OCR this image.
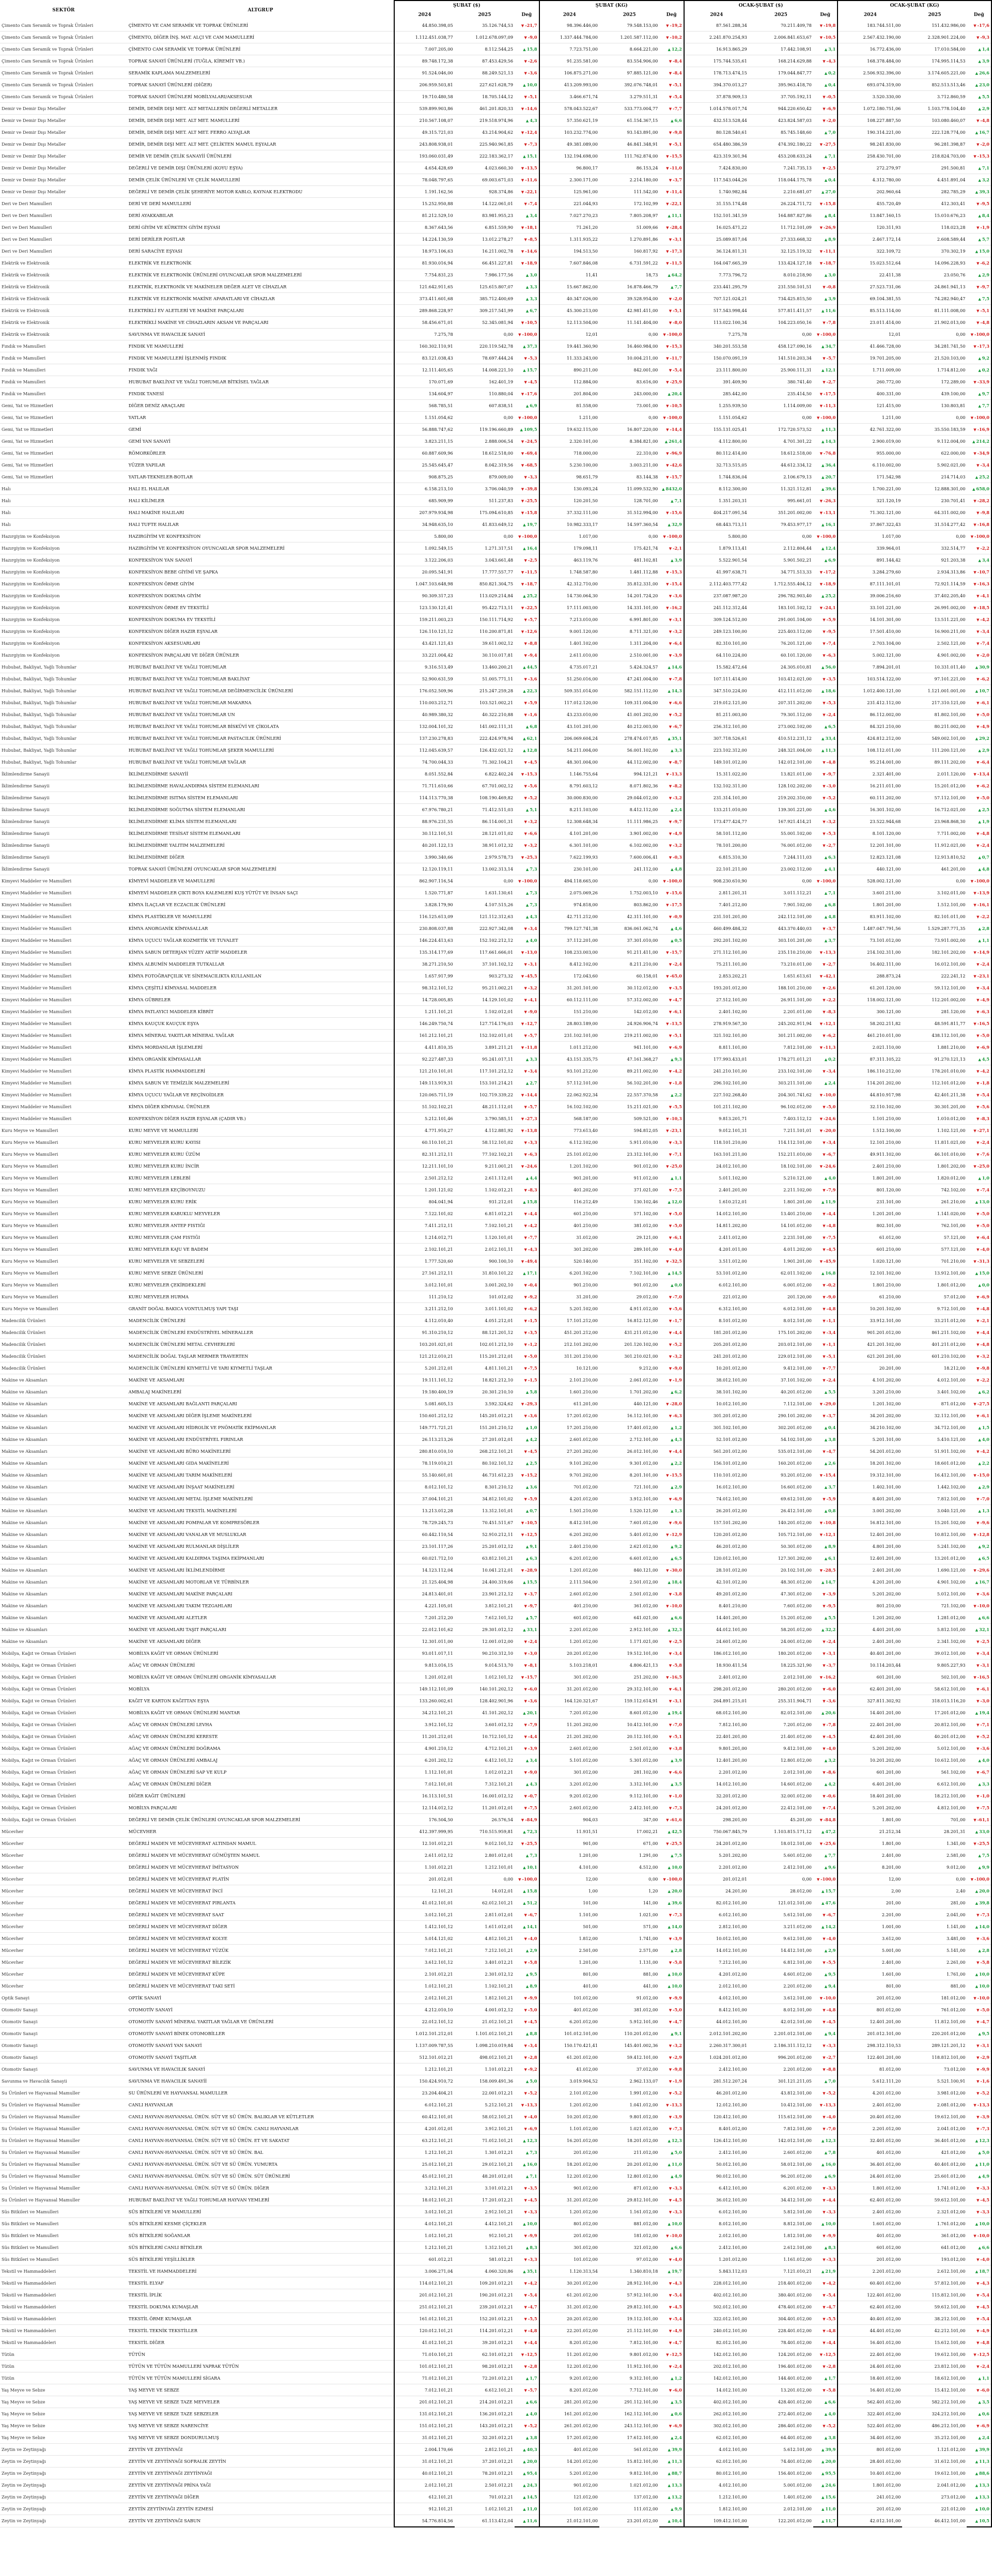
SEKTÖR	ALTGRUP	ŞUBAT ($)			ŞUBAT (KG)			OCAK-ŞUBAT ($)			OCAK-ŞUBAT (KG)		
		2024	2025	Değ	2024	2025	Değ	2024	2025	Değ	2024	2025	Değ
Çimento Cam Seramik ve Toprak Ürünleri	ÇİMENTO VE CAM SERAMİK VE TOPRAK ÜRÜNLERİ	44.850.398,05	35.126.744,53	▼ -21,7	98.396.446,00	79.548.153,00	▼ -19,2	87.561.288,34	70.211.409,78	▼ -19,8	183.744.511,00	151.432.986,00	▼ -17,6
Çimento Cam Seramik ve Toprak Ürünleri	ÇİMENTO, DİĞER İNŞ. MAT. ALÇI VE CAM MAMULLERİ	1.112.451.038,77	1.012.678.097,09	▼ -9,0	1.337.444.784,00	1.201.587.112,00	▼ -10,2	2.241.870.254,93	2.006.841.653,67	▼ -10,5	2.567.432.190,00	2.328.901.224,00	▼ -9,3
Çimento Cam Seramik ve Toprak Ürünleri	ÇİMENTO CAM SERAMİK VE TOPRAK ÜRÜNLERİ	7.007.205,00	8.112.544,25	▲ 15,8	7.723.751,00	8.664.221,00	▲ 12,2	16.913.865,29	17.442.108,91	▲ 3,1	16.772.436,00	17.010.584,00	▲ 1,4
Çimento Cam Seramik ve Toprak Ürünleri	TOPRAK SANAYİ ÜRÜNLERİ (TUĞLA, KİREMİT VB.)	89.748.172,38	87.453.429,56	▼ -2,6	91.235.581,00	83.554.906,00	▼ -8,4	175.744.535,61	168.214.629,88	▼ -4,3	168.378.484,00	174.995.114,53	▲ 3,9
Çimento Cam Seramik ve Toprak Ürünleri	SERAMİK KAPLAMA MALZEMELERİ	91.524.046,00	88.249.521,13	▼ -3,6	106.875.271,00	97.885.121,00	▼ -8,4	178.713.474,15	179.044.847,77	▲ 0,2	2.506.932.396,00	3.174.605.221,00	▲ 26,6
Çimento Cam Seramik ve Toprak Ürünleri	TOPRAK SANAYİ ÜRÜNLERİ (DİĞER)	206.959.503,81	227.621.628,79	▲ 10,0	413.209.993,00	392.076.748,01	▼ -5,1	394.370.013,27	395.963.418,70	▲ 0,4	693.074.319,00	852.513.513,46	▲ 23,0
Çimento Cam Seramik ve Toprak Ürünleri	TOPRAK SANAYİ ÜRÜNLERİ MOBİLYALARI/AKSESUAR	19.710.480,58	18.705.144,12	▼ -5,1	3.466.671,74	3.279.511,31	▼ -5,4	37.878.909,13	37.705.192,11	▼ -0,5	3.520.330,00	3.712.860,59	▲ 5,5
Demir ve Demir Dışı Metaller	DEMİR, DEMİR DIŞI MET. ALT METALLERİN DEĞERLİ METALLER	539.899.903,86	461.201.820,33	▼ -14,6	578.043.522,67	533.773.004,77	▼ -7,7	1.014.578.017,74	944.220.650,42	▼ -6,9	1.072.180.751,06	1.103.778.104,40	▲ 2,9
Demir ve Demir Dışı Metaller	DEMİR, DEMİR DIŞI MET. ALT MET. MAMULLERİ	210.567.108,07	219.518.974,96	▲ 4,3	57.350.621,19	61.154.367,15	▲ 6,6	432.513.528,44	423.824.587,03	▼ -2,0	108.227.887,50	103.080.460,07	▼ -4,8
Demir ve Demir Dışı Metaller	DEMİR, DEMİR DIŞI MET. ALT MET. FERRO ALYAJLAR	49.315.721,03	43.214.904,62	▼ -12,4	103.232.774,00	93.143.891,00	▼ -9,8	80.128.540,61	85.745.148,60	▲ 7,0	190.314.221,00	222.128.774,00	▲ 16,7
Demir ve Demir Dışı Metaller	DEMİR, DEMİR DIŞI MET. ALT MET. ÇELİKTEN MAMUL EŞYALAR	243.808.938,01	225.940.961,85	▼ -7,3	49.381.089,00	46.841.348,91	▼ -5,1	654.480.386,59	474.392.180,22	▼ -27,5	98.241.830,00	96.281.398,87	▼ -2,0
Demir ve Demir Dışı Metaller	DEMİR VE DEMİR ÇELİK SANAYİİ ÜRÜNLERİ	193.060.031,49	222.183.362,17	▲ 15,1	132.194.698,00	111.762.874,00	▼ -15,5	423.319.301,94	453.208.633,24	▲ 7,1	258.430.701,00	218.824.703,00	▼ -15,3
Demir ve Demir Dışı Metaller	DEĞERLİ VE DEMİR DIŞI ÜRÜNLERİ (KOYU EŞYA)	4.654.428,69	4.023.660,30	▼ -13,5	96.800,17	86.153,24	▼ -11,0	7.424.830,00	7.241.735,13	▼ -2,5	272.279,97	291.500,81	▲ 7,1
Demir ve Demir Dışı Metaller	DEMİR ÇELİK ÜRÜNLERİ VE ÇELİK MAMULLERİ	78.048.797,65	69.003.671,03	▼ -11,6	2.300.171,00	2.214.180,00	▼ -3,7	117.543.044,26	118.044.175,78	▲ 0,4	4.312.780,00	4.451.891,04	▲ 3,2
Demir ve Demir Dışı Metaller	DEĞERLİ VE DEMİR ÇELİK ŞEHERİYE MOTOR KABLO, KAYNAK ELEKTRODU	1.191.162,56	928.374,86	▼ -22,1	125.961,00	111.542,00	▼ -11,4	1.740.982,84	2.210.681,07	▲ 27,0	202.960,64	282.785,29	▲ 39,3
Deri ve Deri Mamulleri	DERİ VE DERİ MAMULLERİ	15.252.950,88	14.122.061,01	▼ -7,4	221.044,93	172.102,99	▼ -22,1	31.155.174,48	26.224.711,72	▼ -15,8	455.720,49	412.303,41	▼ -9,5
Deri ve Deri Mamulleri	DERİ AYAKKABILAR	81.212.529,10	83.981.955,23	▲ 3,4	7.027.270,23	7.805.208,97	▲ 11,1	152.101.341,59	164.887.827,86	▲ 8,4	13.847.160,15	15.010.676,23	▲ 8,4
Deri ve Deri Mamulleri	DERİ GİYİM VE KÜRKTEN GİYİM EŞYASI	8.367.643,56	6.851.559,90	▼ -18,1	71.261,20	51.009,66	▼ -28,4	16.025.471,22	11.712.101,09	▼ -26,9	120.311,93	118.023,28	▼ -1,9
Deri ve Deri Mamulleri	DERİ DERİLER POSTLAR	14.224.130,59	13.012.278,27	▼ -8,5	1.311.935,22	1.270.891,86	▼ -3,1	25.089.817,04	27.333.668,32	▲ 8,9	2.467.172,14	2.608.589,44	▲ 5,7
Deri ve Deri Mamulleri	DERİ SARACİYE EŞYASI	18.973.106,63	16.211.002,78	▼ -14,6	194.513,50	160.817,92	▼ -17,3	36.124.811,31	32.125.119,32	▼ -11,1	322.109,72	370.302,19	▲ 15,0
Elektrik ve Elektronik	ELEKTRİK VE ELEKTRONİK	81.930.016,94	66.451.227,81	▼ -18,9	7.607.846,08	6.731.591,22	▼ -11,5	164.047.665,39	133.424.127,18	▼ -18,7	15.023.512,64	14.096.228,93	▼ -6,2
Elektrik ve Elektronik	ELEKTRİK VE ELEKTRONİK ÜRÜNLERİ OYUNCAKLAR SPOR MALZEMELERİ	7.754.831,23	7.986.177,56	▲ 3,0	11,41	18,73	▲ 64,2	7.773.796,72	8.010.218,90	▲ 3,0	22.411,38	23.050,76	▲ 2,9
Elektrik ve Elektronik	ELEKTRİK, ELEKTRONİK VE MAKİNELER DEĞER ALET VE CİHAZLAR	121.642.911,65	125.615.807,07	▲ 3,3	15.667.862,00	16.878.466,79	▲ 7,7	233.441.295,79	231.550.101,51	▼ -0,8	27.523.731,06	24.861.941,13	▼ -9,7
Elektrik ve Elektronik	ELEKTRİK VE ELEKTRONİK MAKİNE APARATLARI VE CİHAZLAR	373.411.601,68	385.712.400,69	▲ 3,3	40.347.026,00	39.528.954,00	▼ -2,0	707.121.024,21	734.425.815,50	▲ 3,9	69.104.381,55	74.282.940,47	▲ 7,5
Elektrik ve Elektronik	ELEKTRİKLİ EV ALETLERİ VE MAKİNE PARÇALARI	289.868.228,97	309.217.541,99	▲ 6,7	45.300.213,00	42.981.411,00	▼ -5,1	517.543.998,44	577.811.411,57	▲ 11,6	85.513.114,00	81.111.008,00	▼ -5,1
Elektrik ve Elektronik	ELEKTRİKLİ MAKİNE VE CİHAZLARIN AKSAM VE PARÇALARI	58.456.671,01	52.345.081,94	▼ -10,5	12.113.504,00	11.141.404,00	▼ -8,0	113.022.100,34	104.223.050,16	▼ -7,8	23.011.414,00	21.902.013,00	▼ -4,8
Elektrik ve Elektronik	SAVUNMA VE HAVACILIK SANAYİ	7.275,78	0,00	▼ -100,0	12,01	0,00	▼ -100,0	7.275,78	0,00	▼ -100,0	12,01	0,00	▼ -100,0
Fındık ve Mamulleri	FINDIK VE MAMULLERİ	160.302.110,91	220.119.542,78	▲ 37,3	19.441.360,90	16.460.984,00	▼ -15,3	340.201.553,58	458.127.090,16	▲ 34,7	41.466.728,00	34.281.741,50	▼ -17,3
Fındık ve Mamulleri	FINDIK VE MAMULLERİ İŞLENMİŞ FINDIK	83.121.038,43	78.697.444,24	▼ -5,3	11.333.243,00	10.004.211,00	▼ -11,7	150.070.091,19	141.510.203,34	▼ -5,7	19.701.205,00	21.520.103,00	▲ 9,2
Fındık ve Mamulleri	FINDIK YAĞI	12.111.405,65	14.008.221,10	▲ 15,7	890.211,00	842.001,00	▼ -5,4	23.111.800,00	25.900.111,31	▲ 12,1	1.711.009,00	1.714.812,00	▲ 0,2
Fındık ve Mamulleri	HUBUBAT BAKLİYAT VE YAĞLI TOHUMLAR BİTKİSEL YAĞLAR	170.071,69	162.401,19	▼ -4,5	112.884,00	83.616,00	▼ -25,9	391.409,90	380.741,40	▼ -2,7	260.772,00	172.289,00	▼ -33,9
Fındık ve Mamulleri	FINDIK TANESİ	134.604,97	110.880,04	▼ -17,6	201.804,00	243.000,00	▲ 20,4	285.442,00	235.414,50	▼ -17,5	400.331,00	439.100,00	▲ 9,7
Gemi, Yat ve Hizmetleri	DİĞER DENİZ ARAÇLARI	568.785,51	607.838,51	▲ 6,9	81.558,00	73.001,00	▼ -10,5	1.255.939,50	1.114.009,00	▼ -11,3	121.415,00	130.803,81	▲ 7,7
Gemi, Yat ve Hizmetleri	YATLAR	1.151.054,62	0,00	▼ -100,0	1.211,00	0,00	▼ -100,0	1.151.054,62	0,00	▼ -100,0	1.211,00	0,00	▼ -100,0
Gemi, Yat ve Hizmetleri	GEMİ	56.888.747,62	119.196.660,89	▲ 109,5	19.632.115,00	16.807.220,00	▼ -14,4	155.131.025,41	172.720.573,52	▲ 11,3	42.761.322,00	35.550.183,59	▼ -16,9
Gemi, Yat ve Hizmetleri	GEMİ YAN SANAYİ	3.823.211,15	2.888.006,54	▼ -24,5	2.320.101,00	8.384.821,00	▲ 261,4	4.112.800,00	4.701.301,22	▲ 14,3	2.900.019,00	9.112.004,00	▲ 214,2
Gemi, Yat ve Hizmetleri	RÖMORKÖRLER	60.887.609,96	18.612.518,00	▼ -69,4	718.000,00	22.310,00	▼ -96,9	80.112.414,00	18.612.518,00	▼ -76,8	955.000,00	622.000,00	▼ -34,9
Gemi, Yat ve Hizmetleri	YÜZER YAPILAR	25.545.645,47	8.042.319,56	▼ -68,5	5.230.100,00	3.003.211,00	▼ -42,6	32.713.515,05	44.612.334,12	▲ 36,4	6.110.002,00	5.902.021,00	▼ -3,4
Gemi, Yat ve Hizmetleri	YATLAR-TEKNELER-BOTLAR	908.875,25	879.009,00	▼ -3,3	98.651,79	83.144,38	▼ -15,7	1.744.836,04	2.106.679,13	▲ 20,7	171.542,98	214.714,03	▲ 25,2
Halı	HALI EL HALILAR	6.158.213,10	3.706.040,59	▼ -39,8	130.093,24	11.099.532,90	▲ 8432,0	8.112.300,00	11.321.112,81	▲ 39,6	1.700.221,00	12.888.301,00	▲ 658,0
Halı	HALI KİLİMLER	685.909,99	511.237,83	▼ -25,5	120.201,50	128.701,00	▲ 7,1	1.351.203,31	995.661,01	▼ -26,3	321.120,19	230.701,41	▼ -28,2
Halı	HALI MAKİNE HALILARI	207.979.934,98	175.094.610,85	▼ -15,8	37.332.111,00	31.512.994,00	▼ -15,6	404.217.091,54	351.201.002,00	▼ -13,1	71.302.121,00	64.311.002,00	▼ -9,8
Halı	HALI TUFTE HALILAR	34.948.635,10	41.833.649,12	▲ 19,7	10.982.333,17	14.597.360,54	▲ 32,9	68.443.713,11	79.453.977,17	▲ 16,1	37.867.322,43	31.514.277,42	▼ -16,8
Hazırgiyim ve Konfeksiyon	HAZIRGİYİM VE KONFEKSİYON	5.800,00	0,00	▼ -100,0	1.017,00	0,00	▼ -100,0	5.800,00	0,00	▼ -100,0	1.017,00	0,00	▼ -100,0
Hazırgiyim ve Konfeksiyon	HAZIRGİYİM VE KONFEKSİYON OYUNCAKLAR SPOR MALZEMELERİ	1.092.549,15	1.271.317,51	▲ 16,4	179.098,11	175.421,74	▼ -2,1	1.879.113,41	2.112.804,44	▲ 12,4	339.964,01	332.514,77	▼ -2,2
Hazırgiyim ve Konfeksiyon	KONFEKSİYON YAN SANAYİ	3.122.206,03	3.043.661,48	▼ -2,5	463.119,76	481.102,81	▲ 3,9	5.522.901,54	5.901.502,21	▲ 6,9	891.144,42	921.203,38	▲ 3,4
Hazırgiyim ve Konfeksiyon	KONFEKSİYON BEBE GİYİMİ VE ŞAPKA	20.095.541,91	17.777.557,77	▼ -11,5	1.748.587,80	1.481.112,88	▼ -15,3	41.997.638,71	34.771.513,33	▼ -17,2	3.284.279,60	2.934.313,86	▼ -10,7
Hazırgiyim ve Konfeksiyon	KONFEKSİYON ÖRME GİYİM	1.047.103.648,98	850.821.304,75	▼ -18,7	42.312.710,00	35.812.331,00	▼ -15,4	2.112.403.777,42	1.712.555.404,12	▼ -18,9	87.111.101,01	72.921.114,59	▼ -16,3
Hazırgiyim ve Konfeksiyon	KONFEKSİYON DOKUMA GİYİM	90.309.317,23	113.029.214,84	▲ 25,2	14.730.064,30	14.201.724,20	▼ -3,6	237.087.987,20	296.782.903,40	▲ 25,2	39.006.216,60	37.402.205,40	▼ -4,1
Hazırgiyim ve Konfeksiyon	KONFEKSİYON ÖRME EV TEKSTİLİ	123.130.121,41	95.422.713,11	▼ -22,5	17.111.003,00	14.331.101,00	▼ -16,2	241.112.312,44	183.101.102,12	▼ -24,1	33.101.221,00	26.991.002,00	▼ -18,5
Hazırgiyim ve Konfeksiyon	KONFEKSİYON DOKUMA EV TEKSTİLİ	159.211.003,23	150.111.714,92	▼ -5,7	7.213.010,00	6.991.801,00	▼ -3,1	309.124.512,00	291.001.104,00	▼ -5,9	14.101.301,00	13.511.221,00	▼ -4,2
Hazırgiyim ve Konfeksiyon	KONFEKSİYON DİĞER HAZIR EŞYALAR	126.110.121,12	110.200.871,81	▼ -12,6	9.001.120,00	8.711.321,00	▼ -3,2	249.123.100,00	225.403.112,00	▼ -9,5	17.501.410,00	16.900.211,00	▼ -3,4
Hazırgiyim ve Konfeksiyon	KONFEKSİYON AKSESUARLARI	43.421.121,43	39.611.002,12	▼ -8,8	1.401.102,00	1.311.204,00	▼ -6,4	82.310.101,00	76.201.121,00	▼ -7,4	2.703.104,00	2.502.121,00	▼ -7,4
Hazırgiyim ve Konfeksiyon	KONFEKSİYON PARÇALARI VE DİĞER ÜRÜNLER	33.221.004,42	30.110.017,81	▼ -9,4	2.611.010,00	2.510.001,00	▼ -3,9	64.110.224,00	60.101.120,00	▼ -6,3	5.002.121,00	4.901.002,00	▼ -2,0
Hububat, Bakliyat, Yağlı Tohumlar	HUBUBAT BAKLİYAT VE YAĞLI TOHUMLAR	9.316.513,49	13.460.200,21	▲ 44,5	4.735.017,21	5.424.324,57	▲ 14,6	15.582.472,64	24.305.010,81	▲ 56,0	7.894.201,01	10.331.011,40	▲ 30,9
Hububat, Bakliyat, Yağlı Tohumlar	HUBUBAT BAKLİYAT VE YAĞLI TOHUMLAR BAKLİYAT	52.900.631,59	51.005.771,11	▼ -3,6	51.250.016,00	47.241.004,00	▼ -7,8	107.111.414,00	103.412.021,00	▼ -3,5	103.514.122,00	97.101.221,00	▼ -6,2
Hububat, Bakliyat, Yağlı Tohumlar	HUBUBAT BAKLİYAT VE YAĞLI TOHUMLAR DEĞİRMENCİLİK ÜRÜNLERİ	176.052.509,96	215.247.259,28	▲ 22,3	509.351.014,00	582.151.112,00	▲ 14,3	347.510.224,00	412.111.012,00	▲ 18,6	1.012.400.121,00	1.121.001.001,00	▲ 10,7
Hububat, Bakliyat, Yağlı Tohumlar	HUBUBAT BAKLİYAT VE YAĞLI TOHUMLAR MAKARNA	110.003.212,71	103.521.002,21	▼ -5,9	117.012.120,00	109.311.004,00	▼ -6,6	219.012.121,00	207.311.202,00	▼ -5,3	231.412.112,00	217.310.121,00	▼ -6,1
Hububat, Bakliyat, Yağlı Tohumlar	HUBUBAT BAKLİYAT VE YAĞLI TOHUMLAR UN	40.989.380,32	40.322.210,88	▼ -1,6	43.233.010,00	41.001.202,00	▼ -5,2	81.211.003,00	79.301.112,00	▼ -2,4	86.112.002,00	81.802.101,00	▼ -5,0
Hububat, Bakliyat, Yağlı Tohumlar	HUBUBAT BAKLİYAT VE YAĞLI TOHUMLAR BİSKÜVİ VE ÇİKOLATA	132.004.101,32	141.002.111,31	▲ 6,8	43.101.201,00	40.212.003,00	▼ -6,7	256.312.101,00	273.002.102,00	▲ 6,5	84.321.210,00	80.211.002,00	▼ -4,9
Hububat, Bakliyat, Yağlı Tohumlar	HUBUBAT BAKLİYAT VE YAĞLI TOHUMLAR PASTACILIK ÜRÜNLERİ	137.230.278,83	222.424.978,94	▲ 62,1	206.069.604,24	278.474.017,85	▲ 35,1	307.718.526,61	410.512.231,12	▲ 33,4	424.812.212,00	549.002.101,00	▲ 29,2
Hububat, Bakliyat, Yağlı Tohumlar	HUBUBAT BAKLİYAT VE YAĞLI TOHUMLAR ŞEKER MAMULLERİ	112.045.639,57	126.432.021,12	▲ 12,8	54.211.004,00	56.001.102,00	▲ 3,3	223.102.312,00	248.321.004,00	▲ 11,3	108.112.011,00	111.200.121,00	▲ 2,9
Hububat, Bakliyat, Yağlı Tohumlar	HUBUBAT BAKLİYAT VE YAĞLI TOHUMLAR YAĞLAR	74.700.044,33	71.302.104,21	▼ -4,5	48.301.004,00	44.112.002,00	▼ -8,7	149.101.012,00	142.012.101,00	▼ -4,8	95.214.001,00	89.111.202,00	▼ -6,4
İklimlendirme Sanayii	İKLİMLENDİRME SANAYİİ	8.051.552,84	6.822.402,24	▼ -15,3	1.146.755,64	994.121,21	▼ -13,3	15.311.022,00	13.821.011,00	▼ -9,7	2.321.401,00	2.011.120,00	▼ -13,4
İklimlendirme Sanayii	İKLİMLENDİRME HAVALANDIRMA SİSTEM ELEMANLARI	71.711.610,66	67.701.002,12	▼ -5,6	8.791.603,12	8.071.802,36	▼ -8,2	132.102.311,00	128.102.202,00	▼ -3,0	16.211.011,00	15.201.012,00	▼ -6,2
İklimlendirme Sanayii	İKLİMLENDİRME ISITMA SİSTEM ELEMANLARI	114.113.770,38	108.190.469,82	▼ -5,2	30.000.830,00	29.044.012,00	▼ -3,2	231.314.101,00	219.202.310,00	▼ -5,2	60.111.202,00	57.112.101,00	▼ -5,0
İklimlendirme Sanayii	İKLİMLENDİRME SOĞUTMA SİSTEM ELEMANLARI	67.976.780,21	71.412.511,03	▲ 5,1	8.211.103,00	8.412.112,00	▲ 2,4	133.211.010,00	139.301.221,00	▲ 4,6	16.301.102,00	16.712.021,00	▲ 2,5
İklimlendirme Sanayii	İKLİMLENDİRME KLİMA SİSTEM ELEMANLARI	88.976.231,55	86.114.001,31	▼ -3,2	12.308.648,34	11.111.986,25	▼ -9,7	173.477.424,77	167.921.414,21	▼ -3,2	23.522.944,68	23.968.868,30	▲ 1,9
İklimlendirme Sanayii	İKLİMLENDİRME TESİSAT SİSTEM ELEMANLARI	30.112.101,51	28.121.011,02	▼ -6,6	4.101.201,00	3.901.002,00	▼ -4,9	58.101.112,00	55.001.102,00	▼ -5,3	8.101.120,00	7.711.002,00	▼ -4,8
İklimlendirme Sanayii	İKLİMLENDİRME YALITIM MALZEMELERİ	40.201.122,13	38.911.012,32	▼ -3,2	6.301.101,00	6.102.002,00	▼ -3,2	78.101.200,00	76.001.012,00	▼ -2,7	12.201.101,00	11.912.021,00	▼ -2,4
İklimlendirme Sanayii	İKLİMLENDİRME DİĞER	3.990.340,66	2.979.578,73	▼ -25,3	7.622.199,93	7.600.006,41	▼ -0,3	6.815.310,30	7.244.111,03	▲ 6,3	12.823.121,08	12.913.810,52	▲ 0,7
İklimlendirme Sanayii	TOPRAK SANAYİ ÜRÜNLERİ OYUNCAKLAR SPOR MALZEMELERİ	12.120.119,11	13.002.313,14	▲ 7,3	230.101,00	241.112,00	▲ 4,8	22.101.211,00	23.002.112,00	▲ 4,1	440.121,00	461.201,00	▲ 4,8
Kimyevi Maddeler ve Mamulleri	KİMYEVİ MADDELER VE MAMULLERİ	862.907.116,54	0,00	▼ -100,0	494.118.665,00	0,00	▼ -100,0	908.230.610,90	0,00	▼ -100,0	528.002.121,00	0,00	▼ -100,0
Kimyevi Maddeler ve Mamulleri	KİMYEVİ MADDELER ÇIKTI BOYA KALEMLERİ KUŞ YÜTÜT VE İNSAN SAÇI	1.520.771,87	1.631.130,61	▲ 7,3	2.075.069,26	1.752.003,10	▼ -15,6	2.811.201,31	3.011.112,21	▲ 7,1	3.601.211,00	3.102.011,00	▼ -13,9
Kimyevi Maddeler ve Mamulleri	KİMYA İLAÇLAR VE ECZACILIK ÜRÜNLERİ	3.828.179,90	4.107.515,26	▲ 7,3	974.818,00	803.862,00	▼ -17,5	7.401.212,00	7.901.102,00	▲ 6,8	1.801.201,00	1.512.101,00	▼ -16,1
Kimyevi Maddeler ve Mamulleri	KİMYA PLASTİKLER VE MAMULLERİ	116.125.613,09	121.112.312,63	▲ 4,3	42.711.212,00	42.311.101,00	▼ -0,9	231.101.201,00	242.112.101,00	▲ 4,8	83.911.102,00	82.101.011,00	▼ -2,2
Kimyevi Maddeler ve Mamulleri	KİMYA ANORGANİK KİMYASALLAR	230.808.037,88	222.927.342,08	▼ -3,4	799.127.741,38	836.061.062,74	▲ 4,6	460.499.484,32	443.370.440,03	▼ -3,7	1.487.047.791,56	1.529.287.771,35	▲ 2,8
Kimyevi Maddeler ve Mamulleri	KİMYA UÇUCU YAĞLAR KOZMETİK VE TUVALET	146.224.413,63	152.102.212,12	▲ 4,0	37.112.201,00	37.301.010,00	▲ 0,5	292.201.102,00	303.101.201,00	▲ 3,7	73.101.012,00	73.911.002,00	▲ 1,1
Kimyevi Maddeler ve Mamulleri	KİMYA SABUN DETERJAN YÜZEY AKTİF MADDELER	135.314.177,69	117.661.666,01	▼ -13,0	108.233.003,00	91.211.411,00	▼ -15,7	271.112.101,00	235.110.210,00	▼ -13,3	214.102.311,00	182.101.202,00	▼ -14,9
Kimyevi Maddeler ve Mamulleri	KİMYA ALBUMİN MADDELER TUTKALLAR	38.271.210,50	37.101.102,12	▼ -3,1	8.412.102,00	8.211.210,00	▼ -2,4	75.211.101,00	73.210.011,00	▼ -2,7	16.402.111,00	16.012.101,00	▼ -2,4
Kimyevi Maddeler ve Mamulleri	KİMYA FOTOĞRAFÇILIK VE SİNEMACILIKTA KULLANILAN	1.657.917,99	903.273,32	▼ -45,5	172.043,60	60.158,01	▼ -65,0	2.853.202,21	1.651.613,61	▼ -42,1	288.873,24	222.241,12	▼ -23,1
Kimyevi Maddeler ve Mamulleri	KİMYA ÇEŞİTLİ KİMYASAL MADDELER	98.312.101,12	95.211.002,21	▼ -3,2	31.201.101,00	30.112.012,00	▼ -3,5	193.201.012,00	188.101.210,00	▼ -2,6	61.201.120,00	59.112.101,00	▼ -3,4
Kimyevi Maddeler ve Mamulleri	KİMYA GÜBRELER	14.728.005,85	14.129.101,02	▼ -4,1	60.112.111,00	57.312.002,00	▼ -4,7	27.512.101,00	26.911.101,00	▼ -2,2	118.002.121,00	112.201.002,00	▼ -4,9
Kimyevi Maddeler ve Mamulleri	KİMYA PATLAYICI MADDELER KİBRİT	1.211.101,21	1.102.012,01	▼ -9,0	151.210,00	142.012,00	▼ -6,1	2.401.102,00	2.201.011,00	▼ -8,3	300.121,00	281.120,00	▼ -6,3
Kimyevi Maddeler ve Mamulleri	KİMYA KAUÇUK KAUÇUK EŞYA	146.249.750,74	127.714.176,03	▼ -12,7	28.803.189,00	24.926.906,74	▼ -13,5	278.919.567,30	245.202.911,94	▼ -12,1	58.202.211,82	48.591.811,77	▼ -16,5
Kimyevi Maddeler ve Mamulleri	KİMYA MİNERAL YAKITLAR MİNERAL YAĞLAR	161.212.101,21	152.102.011,01	▼ -5,7	231.102.101,00	219.211.002,00	▼ -5,1	321.102.101,00	301.211.002,00	▼ -6,2	461.210.011,00	438.112.101,00	▼ -5,0
Kimyevi Maddeler ve Mamulleri	KİMYA MORDANLAR İŞLEMLERİ	4.411.810,35	3.891.211,21	▼ -11,8	1.011.212,00	941.101,00	▼ -6,9	8.811.101,00	7.812.101,00	▼ -11,3	2.021.110,00	1.881.210,00	▼ -6,9
Kimyevi Maddeler ve Mamulleri	KİMYA ORGANİK KİMYASALLAR	92.227.487,33	95.241.017,11	▲ 3,3	43.151.335,75	47.161.368,27	▲ 9,3	177.993.433,01	178.271.011,21	▲ 0,2	87.311.105,22	91.270.121,13	▲ 4,5
Kimyevi Maddeler ve Mamulleri	KİMYA PLASTİK HAMMADDELERİ	121.210.101,01	117.101.212,12	▼ -3,4	93.101.212,00	89.211.002,00	▼ -4,2	241.210.101,00	233.102.101,00	▼ -3,4	186.110.212,00	178.201.010,00	▼ -4,2
Kimyevi Maddeler ve Mamulleri	KİMYA SABUN VE TEMİZLİK MALZEMELERİ	149.113.919,31	153.101.214,21	▲ 2,7	57.112.101,00	56.102.201,00	▼ -1,8	296.102.101,00	303.211.101,00	▲ 2,4	114.201.202,00	112.101.012,00	▼ -1,8
Kimyevi Maddeler ve Mamulleri	KİMYA UÇUCU YAĞLAR VE REÇİNOİDLER	120.065.711,19	102.719.339,22	▼ -14,4	22.062.922,34	22.557.370,58	▲ 2,2	227.102.268,40	204.301.741,62	▼ -10,0	44.810.917,98	42.401.211,38	▼ -5,4
Kimyevi Maddeler ve Mamulleri	KİMYA DİĞER KİMYASAL ÜRÜNLER	51.102.102,21	48.211.112,01	▼ -5,7	16.102.102,00	15.211.021,00	▼ -5,5	101.211.102,00	96.102.012,00	▼ -5,0	32.110.102,00	30.301.201,00	▼ -5,6
Kimyevi Maddeler ve Mamulleri	KONFEKSİYON DİĞER HAZIR EŞYALAR (ÇADIR VB.)	5.212.101,46	3.790.585,11	▼ -27,3	568.187,00	509.521,00	▼ -10,3	9.813.201,71	7.403.112,12	▼ -24,6	1.101.210,00	1.010.012,00	▼ -8,3
Kuru Meyve ve Mamulleri	KURU MEYVE VE MAMULLERİ	4.771.910,27	4.112.881,92	▼ -13,8	773.613,40	594.812,05	▼ -23,1	9.012.101,31	7.211.101,01	▼ -20,0	1.512.100,00	1.102.121,00	▼ -27,1
Kuru Meyve ve Mamulleri	KURU MEYVELER KURU KAYISI	60.110.101,21	58.112.101,02	▼ -3,3	6.112.102,00	5.911.010,00	▼ -3,3	118.101.210,00	114.112.101,00	▼ -3,4	12.101.210,00	11.811.021,00	▼ -2,4
Kuru Meyve ve Mamulleri	KURU MEYVELER KURU ÜZÜM	82.311.212,11	77.102.102,21	▼ -6,3	25.101.012,00	23.312.101,00	▼ -7,1	163.101.211,00	152.211.010,00	▼ -6,7	49.911.102,00	46.101.010,00	▼ -7,6
Kuru Meyve ve Mamulleri	KURU MEYVELER KURU İNCİR	12.211.101,10	9.211.001,21	▼ -24,6	1.201.102,00	901.012,00	▼ -25,0	24.012.101,00	18.102.101,00	▼ -24,6	2.401.210,00	1.801.202,00	▼ -25,0
Kuru Meyve ve Mamulleri	KURU MEYVELER LEBLEBİ	2.501.212,12	2.611.112,01	▲ 4,4	901.201,00	911.012,00	▲ 1,1	5.011.102,00	5.210.121,00	▲ 4,0	1.801.201,00	1.820.012,00	▲ 1,0
Kuru Meyve ve Mamulleri	KURU MEYVELER KEÇİBOYNUZU	1.201.121,02	1.102.012,21	▼ -8,3	401.202,00	371.021,00	▼ -7,5	2.401.201,00	2.211.102,00	▼ -7,9	801.120,00	742.102,00	▼ -7,4
Kuru Meyve ve Mamulleri	KURU MEYVELER KURU ERİK	804.041,94	931.212,01	▲ 15,8	116.212,49	130.102,46	▲ 12,0	1.610.212,01	1.801.201,00	▲ 11,9	231.101,00	261.210,00	▲ 13,0
Kuru Meyve ve Mamulleri	KURU MEYVELER KABUKLU MEYVELER	7.122.101,02	6.811.012,21	▼ -4,4	601.210,00	571.102,00	▼ -5,0	14.012.101,00	13.401.210,00	▼ -4,4	1.201.201,00	1.141.020,00	▼ -5,0
Kuru Meyve ve Mamulleri	KURU MEYVELER ANTEP FISTIĞI	7.411.212,11	7.102.101,21	▼ -4,2	401.210,00	381.012,00	▼ -5,0	14.811.202,00	14.101.012,00	▼ -4,8	802.101,00	762.101,00	▼ -5,0
Kuru Meyve ve Mamulleri	KURU MEYVELER ÇAM FISTIĞI	1.214.012,71	1.120.101,01	▼ -7,7	31.012,00	29.121,00	▼ -6,1	2.411.012,00	2.231.101,00	▼ -7,5	61.012,00	57.121,00	▼ -6,4
Kuru Meyve ve Mamulleri	KURU MEYVELER KAJU VE BADEM	2.102.101,21	2.012.101,11	▼ -4,3	301.202,00	289.101,00	▼ -4,0	4.201.011,00	4.011.202,00	▼ -4,5	601.210,00	577.121,00	▼ -4,0
Kuru Meyve ve Mamulleri	KURU MEYVELER VE SEBZELERİ	1.777.520,60	900.100,10	▼ -49,4	520.140,00	351.102,00	▼ -32,5	3.511.012,00	1.901.201,00	▼ -45,9	1.020.121,00	701.210,00	▼ -31,3
Kuru Meyve ve Mamulleri	KURU MEYVE SEBZE ÜRÜNLERİ	27.161.212,11	31.810.101,22	▲ 17,1	6.201.102,00	7.102.101,00	▲ 14,5	53.101.012,00	62.011.102,00	▲ 16,8	12.101.102,00	13.912.101,00	▲ 15,0
Kuru Meyve ve Mamulleri	KURU MEYVELER ÇEKİRDEKLERİ	3.012.101,01	3.001.202,10	▼ -0,4	901.210,00	901.012,00	▲ 0,0	6.012.101,00	6.001.012,00	▼ -0,2	1.801.210,00	1.801.012,00	▲ 0,0
Kuru Meyve ve Mamulleri	KURU MEYVELER HURMA	111.210,12	101.012,02	▼ -9,2	31.201,00	29.012,00	▼ -7,0	221.012,00	201.120,00	▼ -9,0	61.210,00	57.012,00	▼ -6,9
Kuru Meyve ve Mamulleri	GRANİT DOĞAL BAKICA VONTULMUŞ YAPI TAŞI	3.211.212,10	3.011.101,02	▼ -6,2	5.201.102,00	4.911.012,00	▼ -5,6	6.312.101,00	6.012.101,00	▼ -4,8	10.201.102,00	9.712.101,00	▼ -4,8
Madencilik Ürünleri	MADENCİLİK ÜRÜNLERİ	4.112.010,40	4.051.212,01	▼ -1,5	17.101.212,00	16.812.121,00	▼ -1,7	8.101.012,00	8.012.101,00	▼ -1,1	33.912.101,00	33.211.012,00	▼ -2,1
Madencilik Ürünleri	MADENCİLİK ÜRÜNLERİ ENDÜSTRİYEL MİNERALLER	91.310.210,12	88.121.201,12	▼ -3,5	451.201.212,00	431.211.012,00	▼ -4,4	181.201.012,00	175.101.202,00	▼ -3,4	901.201.012,00	861.211.102,00	▼ -4,4
Madencilik Ürünleri	MADENCİLİK ÜRÜNLERİ METAL CEVHERLERİ	103.201.021,01	102.011.212,10	▼ -1,2	212.101.202,00	201.120.102,00	▼ -5,2	205.201.012,00	203.012.101,00	▼ -1,1	421.201.102,00	401.211.012,00	▼ -4,8
Madencilik Ürünleri	MADENCİLİK DOĞAL TAŞLAR MERMER TRAVERTEN	121.212.010,21	115.201.212,01	▼ -5,0	311.201.210,00	301.210.021,00	▼ -3,2	241.201.012,00	229.012.101,00	▼ -5,1	621.201.201,00	601.210.102,00	▼ -3,2
Madencilik Ürünleri	MADENCİLİK ÜRÜNLERİ KIYMETLİ VE YARI KIYMETLİ TAŞLAR	5.201.212,01	4.811.101,21	▼ -7,5	10.121,00	9.212,00	▼ -9,0	10.201.012,00	9.412.101,00	▼ -7,7	20.201,00	18.212,00	▼ -9,8
Makine ve Aksamları	MAKİNE VE AKSAMLARI	19.111.101,12	18.821.212,10	▼ -1,5	2.101.210,00	2.061.012,00	▼ -1,9	38.012.101,00	37.101.102,00	▼ -2,4	4.101.202,00	4.012.101,00	▼ -2,2
Makine ve Aksamları	AMBALAJ MAKİNELERİ	19.180.400,19	20.301.210,10	▲ 5,8	1.601.210,00	1.701.202,00	▲ 6,2	38.101.102,00	40.201.012,00	▲ 5,5	3.201.210,00	3.401.102,00	▲ 6,2
Makine ve Aksamları	MAKİNE VE AKSAMLARI BAĞLANTI PARÇALARI	5.081.605,13	3.592.324,62	▼ -29,3	611.201,00	440.121,00	▼ -28,0	10.012.101,00	7.112.101,00	▼ -29,0	1.201.102,00	871.012,00	▼ -27,5
Makine ve Aksamları	MAKİNE VE AKSAMLARI DİĞER İŞLEME MAKİNELERİ	150.601.212,12	145.201.012,21	▼ -3,6	17.201.012,00	16.112.101,00	▼ -6,3	301.201.012,00	290.101.202,00	▼ -3,7	34.201.202,00	32.112.101,00	▼ -6,1
Makine ve Aksamları	MAKİNE VE AKSAMLARI HİDROLİK VE PNÖMATİK EKİPMANLAR	149.771.721,21	151.201.210,12	▲ 1,0	17.201.210,00	17.401.012,00	▲ 1,2	301.102.101,00	302.201.012,00	▲ 0,4	34.210.102,00	34.712.101,00	▲ 1,5
Makine ve Aksamları	MAKİNE VE AKSAMLARI ENDÜSTRİYEL FIRINLAR	26.113.213,26	27.201.012,01	▲ 4,2	2.601.012,00	2.712.101,00	▲ 4,3	52.101.012,00	54.102.101,00	▲ 3,8	5.201.101,00	5.410.121,00	▲ 4,0
Makine ve Aksamları	MAKİNE VE AKSAMLARI BÜRO MAKİNELERİ	280.810.010,10	268.212.101,21	▼ -4,5	27.201.202,00	26.012.101,00	▼ -4,4	561.201.012,00	535.012.101,00	▼ -4,7	54.201.012,00	51.911.102,00	▼ -4,2
Makine ve Aksamları	MAKİNE VE AKSAMLARI GIDA MAKİNELERİ	78.119.010,21	80.102.101,12	▲ 2,5	9.101.202,00	9.301.012,00	▲ 2,2	156.101.012,00	160.201.012,00	▲ 2,6	18.201.102,00	18.601.012,00	▲ 2,2
Makine ve Aksamları	MAKİNE VE AKSAMLARI TARIM MAKİNELERİ	55.140.601,01	46.731.612,23	▼ -15,2	9.701.202,00	8.201.101,00	▼ -15,5	110.101.012,00	93.201.012,00	▼ -15,4	19.312.101,00	16.412.101,00	▼ -15,0
Makine ve Aksamları	MAKİNE VE AKSAMLARI İNŞAAT MAKİNELERİ	8.012.101,12	8.301.210,12	▲ 3,6	701.012,00	721.101,00	▲ 2,9	16.012.101,00	16.601.012,00	▲ 3,7	1.402.101,00	1.442.102,00	▲ 2,9
Makine ve Aksamları	MAKİNE VE AKSAMLARI METAL İŞLEME MAKİNELERİ	37.004.101,21	34.812.101,02	▼ -5,9	4.201.012,00	3.912.101,00	▼ -6,9	74.012.101,00	69.612.101,00	▼ -5,9	8.401.201,00	7.812.101,00	▼ -7,0
Makine ve Aksamları	MAKİNE VE AKSAMLARI TEKSTİL MAKİNELERİ	13.213.012,28	13.312.101,01	▲ 0,7	1.501.210,00	1.520.121,00	▲ 1,3	26.201.012,00	26.412.101,00	▲ 0,8	3.001.202,00	3.040.121,00	▲ 1,3
Makine ve Aksamları	MAKİNE VE AKSAMLARI POMPALAR VE KOMPRESÖRLER	78.729.245,73	70.451.511,67	▼ -10,5	8.412.101,00	7.601.012,00	▼ -9,6	157.101.202,00	140.201.012,00	▼ -10,8	16.812.101,00	15.201.102,00	▼ -9,6
Makine ve Aksamları	MAKİNE VE AKSAMLARI VANALAR VE MUSLUKLAR	60.442.110,54	52.910.212,11	▼ -12,5	6.201.202,00	5.401.012,00	▼ -12,9	120.201.012,00	105.712.101,00	▼ -12,1	12.401.201,00	10.812.101,00	▼ -12,8
Makine ve Aksamları	MAKİNE VE AKSAMLARI RULMANLAR DİŞLİLER	23.101.117,26	25.201.012,12	▲ 9,1	2.401.210,00	2.621.012,00	▲ 9,2	46.201.012,00	50.301.012,00	▲ 8,9	4.801.201,00	5.241.102,00	▲ 9,2
Makine ve Aksamları	MAKİNE VE AKSAMLARI KALDIRMA TAŞIMA EKİPMANLARI	60.021.712,10	63.812.101,21	▲ 6,3	6.201.012,00	6.601.012,00	▲ 6,5	120.012.101,00	127.301.202,00	▲ 6,1	12.401.201,00	13.201.012,00	▲ 6,5
Makine ve Aksamları	MAKİNE VE AKSAMLARI İKLİMLENDİRME	14.123.112,04	10.041.212,01	▼ -28,9	1.201.012,00	840.121,00	▼ -30,0	28.101.012,00	20.102.101,00	▼ -28,5	2.401.201,00	1.690.121,00	▼ -29,6
Makine ve Aksamları	MAKİNE VE AKSAMLARI MOTORLAR VE TÜRBİNLER	21.125.404,98	24.400.319,66	▲ 15,5	2.111.504,00	2.501.012,00	▲ 18,4	42.101.012,00	48.301.012,00	▲ 14,7	4.201.201,00	4.901.102,00	▲ 16,7
Makine ve Aksamları	MAKİNE VE AKSAMLARI MAKİNE PARÇALARI	24.813.401,01	23.901.212,12	▼ -3,7	2.601.012,00	2.501.012,00	▼ -3,8	49.201.012,00	47.301.012,00	▼ -3,9	5.201.202,00	5.012.101,00	▼ -3,6
Makine ve Aksamları	MAKİNE VE AKSAMLARI TAKIM TEZGAHLARI	4.221.105,01	3.812.101,21	▼ -9,7	401.210,00	361.012,00	▼ -10,0	8.401.210,00	7.601.012,00	▼ -9,5	801.210,00	721.102,00	▼ -10,0
Makine ve Aksamları	MAKİNE VE AKSAMLARI ALETLER	7.201.212,20	7.612.101,12	▲ 5,7	601.012,00	641.021,00	▲ 6,6	14.401.201,00	15.201.012,00	▲ 5,5	1.201.202,00	1.281.012,00	▲ 6,6
Makine ve Aksamları	MAKİNE VE AKSAMLARI TAŞIT PARÇALARI	22.012.101,62	29.301.012,12	▲ 33,1	2.201.012,00	2.912.101,00	▲ 32,3	44.012.101,00	58.201.012,00	▲ 32,2	4.401.201,00	5.812.101,00	▲ 32,1
Makine ve Aksamları	MAKİNE VE AKSAMLARI DİĞER	12.301.011,00	12.001.012,00	▼ -2,4	1.201.012,00	1.171.021,00	▼ -2,5	24.601.012,00	24.001.012,00	▼ -2,4	2.401.201,00	2.341.102,00	▼ -2,5
Mobilya, Kağıt ve Orman Ürünleri	MOBİLYA KAĞIT VE ORMAN ÜRÜNLERİ	93.011.017,11	90.210.312,10	▼ -3,0	20.201.012,00	19.512.101,00	▼ -3,4	186.012.101,00	180.201.012,00	▼ -3,1	40.401.201,00	39.012.101,00	▼ -3,4
Mobilya, Kağıt ve Orman Ürünleri	AĞAÇ VE ORMAN ÜRÜNLERİ	9.813.016,15	9.014.513,70	▼ -8,1	5.103.218,01	4.806.421,13	▼ -5,8	18.930.411,54	18.225.321,90	▼ -3,7	10.114.203,44	9.805.227,93	▼ -3,1
Mobilya, Kağıt ve Orman Ürünleri	MOBİLYA KAĞIT VE ORMAN ÜRÜNLERİ ORGANİK KİMYASALLAR	1.201.012,01	1.012.101,12	▼ -15,7	301.012,00	251.202,00	▼ -16,5	2.401.012,00	2.012.101,00	▼ -16,2	601.201,00	502.101,00	▼ -16,5
Mobilya, Kağıt ve Orman Ürünleri	MOBİLYA	149.112.101,09	140.101.202,12	▼ -6,0	31.201.012,00	29.312.101,00	▼ -6,1	298.201.012,00	280.201.012,00	▼ -6,0	62.401.201,00	58.612.101,00	▼ -6,1
Mobilya, Kağıt ve Orman Ürünleri	KAĞIT VE KARTON KAĞITTAN EŞYA	133.260.002,61	128.402.901,96	▼ -3,6	164.120.321,67	159.112.614,91	▼ -3,1	264.891.215,01	255.311.904,71	▼ -3,6	327.811.302,92	318.013.116,20	▼ -3,0
Mobilya, Kağıt ve Orman Ürünleri	MOBİLYA KAĞIT VE ORMAN ÜRÜNLERİ MANTAR	34.212.101,21	41.101.202,12	▲ 20,1	7.201.012,00	8.601.012,00	▲ 19,4	68.012.101,00	82.012.101,00	▲ 20,6	14.401.201,00	17.201.012,00	▲ 19,4
Mobilya, Kağıt ve Orman Ürünleri	AĞAÇ VE ORMAN ÜRÜNLERİ LEVHA	3.912.101,12	3.601.012,12	▼ -7,9	11.201.202,00	10.412.101,00	▼ -7,0	7.812.101,00	7.201.012,00	▼ -7,8	22.401.201,00	20.812.101,00	▼ -7,1
Mobilya, Kağıt ve Orman Ürünleri	AĞAÇ VE ORMAN ÜRÜNLERİ KERESTE	11.201.212,01	10.712.101,12	▼ -4,4	21.201.202,00	20.112.101,00	▼ -5,1	22.401.201,00	21.401.012,00	▼ -4,5	42.401.201,00	40.201.012,00	▼ -5,2
Mobilya, Kağıt ve Orman Ürünleri	AĞAÇ VE ORMAN ÜRÜNLERİ DOĞRAMA	4.901.210,12	4.712.101,21	▼ -3,9	2.601.012,00	2.501.012,00	▼ -3,8	9.801.201,00	9.412.101,00	▼ -4,0	5.201.202,00	5.012.101,00	▼ -3,6
Mobilya, Kağıt ve Orman Ürünleri	AĞAÇ VE ORMAN ÜRÜNLERİ AMBALAJ	6.201.202,12	6.412.101,12	▲ 3,4	5.101.012,00	5.301.012,00	▲ 3,9	12.401.201,00	12.801.012,00	▲ 3,2	10.201.202,00	10.612.101,00	▲ 4,0
Mobilya, Kağıt ve Orman Ürünleri	AĞAÇ VE ORMAN ÜRÜNLERİ SAP VE KULP	1.112.101,01	1.012.012,21	▼ -9,0	301.012,00	281.102,00	▼ -6,6	2.201.012,00	2.012.101,00	▼ -8,6	601.201,00	561.102,00	▼ -6,7
Mobilya, Kağıt ve Orman Ürünleri	AĞAÇ VE ORMAN ÜRÜNLERİ DİĞER	7.012.101,01	7.312.101,21	▲ 4,3	3.201.012,00	3.312.101,00	▲ 3,5	14.012.101,00	14.601.012,00	▲ 4,2	6.401.201,00	6.612.101,00	▲ 3,3
Mobilya, Kağıt ve Orman Ürünleri	DİĞER KAĞIT ÜRÜNLERİ	16.113.101,51	16.001.012,12	▼ -0,7	9.201.012,00	9.112.101,00	▼ -1,0	32.201.012,00	32.001.012,00	▼ -0,6	18.401.201,00	18.212.101,00	▼ -1,0
Mobilya, Kağıt ve Orman Ürünleri	MOBİLYA PARÇALARI	12.114.012,12	11.201.012,01	▼ -7,5	2.601.012,00	2.412.101,00	▼ -7,3	24.201.012,00	22.412.101,00	▼ -7,4	5.201.202,00	4.812.101,00	▼ -7,5
Mobilya, Kağıt ve Orman Ürünleri	DEĞERLİ VE DEMİR ÇELİK ÜRÜNLERİ OYUNCAKLAR SPOR MALZEMELERİ	176.504,50	26.576,54	▼ -84,9	904,03	347,00	▼ -61,6	298.201,00	45.201,00	▼ -84,8	1.801,00	701,00	▼ -61,1
Mücevher	MÜCEVHER	412.397.999,95	710.515.959,81	▲ 72,3	11.931,51	17.002,21	▲ 42,5	750.067.845,79	1.103.815.171,12	▲ 47,2	21.212,34	28.201,31	▲ 33,0
Mücevher	DEĞERLİ MADEN VE MÜCEVHERAT ALTINDAN MAMUL	12.101.012,21	9.012.101,12	▼ -25,5	901,00	671,00	▼ -25,5	24.201.012,00	18.012.101,00	▼ -25,6	1.801,00	1.341,00	▼ -25,5
Mücevher	DEĞERLİ MADEN VE MÜCEVHERAT GÜMÜŞTEN MAMUL	2.611.012,12	2.801.012,01	▲ 7,3	1.201,00	1.291,00	▲ 7,5	5.201.202,00	5.601.012,00	▲ 7,7	2.401,00	2.581,00	▲ 7,5
Mücevher	DEĞERLİ MADEN VE MÜCEVHERAT İMİTASYON	1.101.012,21	1.212.101,01	▲ 10,1	4.101,00	4.512,00	▲ 10,0	2.201.012,00	2.412.101,00	▲ 9,6	8.201,00	9.012,00	▲ 9,9
Mücevher	DEĞERLİ MADEN VE MÜCEVHERAT PLATİN	201.012,01	0,00	▼ -100,0	12,00	0,00	▼ -100,0	201.012,01	0,00	▼ -100,0	12,00	0,00	▼ -100,0
Mücevher	DEĞERLİ MADEN VE MÜCEVHERAT İNCİ	12.101,21	14.012,01	▲ 15,8	1,00	1,20	▲ 20,0	24.201,00	28.012,00	▲ 15,7	2,00	2,40	▲ 20,0
Mücevher	DEĞERLİ MADEN VE MÜCEVHERAT PIRLANTA	41.012.101,01	62.012.101,21	▲ 51,2	101,00	141,00	▲ 39,6	82.012.101,00	121.012.101,00	▲ 47,6	201,00	281,00	▲ 39,8
Mücevher	DEĞERLİ MADEN VE MÜCEVHERAT SAAT	3.012.101,21	2.811.012,01	▼ -6,7	1.101,00	1.021,00	▼ -7,3	6.012.101,00	5.612.101,00	▼ -6,7	2.201,00	2.041,00	▼ -7,3
Mücevher	DEĞERLİ MADEN VE MÜCEVHERAT DİĞER	1.412.101,12	1.611.012,01	▲ 14,1	501,00	571,00	▲ 14,0	2.812.101,00	3.211.012,00	▲ 14,2	1.001,00	1.141,00	▲ 14,0
Mücevher	DEĞERLİ MADEN VE MÜCEVHERAT KOLYE	5.014.121,02	4.812.101,21	▼ -4,0	1.812,00	1.741,00	▼ -3,9	10.012.101,00	9.612.101,00	▼ -4,0	3.612,00	3.481,00	▼ -3,6
Mücevher	DEĞERLİ MADEN VE MÜCEVHERAT YÜZÜK	7.012.101,21	7.212.101,21	▲ 2,9	2.501,00	2.571,00	▲ 2,8	14.012.101,00	14.412.101,00	▲ 2,9	5.001,00	5.141,00	▲ 2,8
Mücevher	DEĞERLİ MADEN VE MÜCEVHERAT BİLEZİK	3.612.101,12	3.401.012,21	▼ -5,8	1.201,00	1.131,00	▼ -5,8	7.212.101,00	6.812.101,00	▼ -5,5	2.401,00	2.261,00	▼ -5,8
Mücevher	DEĞERLİ MADEN VE MÜCEVHERAT KÜPE	2.101.012,21	2.301.012,12	▲ 9,5	801,00	881,00	▲ 10,0	4.201.012,00	4.601.012,00	▲ 9,5	1.601,00	1.761,00	▲ 10,0
Mücevher	DEĞERLİ MADEN VE MÜCEVHERAT TAKI SETİ	1.012.101,21	1.102.101,21	▲ 8,9	401,00	441,00	▲ 10,0	2.012.101,00	2.201.012,00	▲ 9,4	801,00	881,00	▲ 10,0
Optik Sanayi	OPTİK SANAYİ	2.012.101,21	1.812.101,21	▼ -9,9	101.012,00	91.012,00	▼ -9,9	4.012.101,00	3.612.101,00	▼ -10,0	201.012,00	181.012,00	▼ -10,0
Otomotiv Sanayi	OTOMOTİV SANAYİ	4.212.010,10	4.001.012,12	▼ -5,0	401.012,00	381.012,00	▼ -5,0	8.412.101,00	8.012.101,00	▼ -4,8	801.012,00	761.012,00	▼ -5,0
Otomotiv Sanayi	OTOMOTİV SANAYİ MİNERAL YAKITLAR YAĞLAR VE ÜRÜNLERİ	22.012.101,12	21.012.101,21	▼ -4,5	6.201.012,00	5.912.101,00	▼ -4,7	44.012.101,00	42.012.101,00	▼ -4,5	12.401.201,00	11.812.101,00	▼ -4,7
Otomotiv Sanayi	OTOMOTİV SANAYİ BİNEK OTOMOBİLLER	1.012.101.212,01	1.101.012.101,21	▲ 8,8	101.012.101,00	110.201.012,00	▲ 9,1	2.012.101.202,00	2.201.012.101,00	▲ 9,4	201.012.101,00	220.201.012,00	▲ 9,5
Otomotiv Sanayi	OTOMOTİV SANAYİ YAN SANAYİ	1.137.009.787,55	1.098.210.019,84	▼ -3,4	150.170.421,41	145.401.002,36	▼ -3,2	2.260.317.300,01	2.186.311.112,12	▼ -3,3	298.312.110,53	289.121.201,12	▼ -3,1
Otomotiv Sanayi	OTOMOTİV SANAYİ TAŞITLAR	512.101.012,21	498.012.101,21	▼ -2,8	61.201.012,00	59.412.101,00	▼ -2,9	1.024.201.012,00	996.201.012,00	▼ -2,7	122.401.201,00	118.812.101,00	▼ -2,9
Otomotiv Sanayi	SAVUNMA VE HAVACILIK SANAYİ	1.212.101,21	1.101.012,21	▼ -9,2	41.012,00	37.012,00	▼ -9,8	2.412.101,00	2.201.012,00	▼ -8,8	81.012,00	73.012,00	▼ -9,9
Savunma ve Havacılık Sanayii	SAVUNMA VE HAVACILIK SANAYİİ	150.424.910,72	158.009.491,36	▲ 5,0	3.019.904,52	2.962.133,07	▼ -1,9	281.512.207,24	301.121.211,05	▲ 7,0	5.612.111,20	5.521.100,91	▼ -1,6
Su Ürünleri ve Hayvansal Mamuller	SU ÜRÜNLERİ VE HAYVANSAL MAMULLER	23.204.404,21	22.001.012,21	▼ -5,2	2.101.012,00	1.991.012,00	▼ -5,2	46.201.012,00	43.812.101,00	▼ -5,2	4.201.012,00	3.981.012,00	▼ -5,2
Su Ürünleri ve Hayvansal Mamuller	CANLI HAYVANLAR	6.012.101,21	5.212.101,21	▼ -13,3	1.201.012,00	1.041.012,00	▼ -13,3	12.012.101,00	10.412.101,00	▼ -13,3	2.401.012,00	2.081.012,00	▼ -13,3
Su Ürünleri ve Hayvansal Mamuller	CANLI HAYVAN-HAYVANSAL ÜRÜN. SÜT VE SÜ ÜRÜN. BALIKLAR VE KÜTLETLER	60.412.101,01	58.012.101,21	▼ -4,0	10.201.012,00	9.801.012,00	▼ -3,9	120.412.101,00	115.612.101,00	▼ -4,0	20.401.012,00	19.612.101,00	▼ -3,9
Su Ürünleri ve Hayvansal Mamuller	CANLI HAYVAN-HAYVANSAL ÜRÜN. SÜT VE SÜ ÜRÜN. CANLI HAYVANLAR	4.201.012,01	3.912.101,21	▼ -6,9	1.101.012,00	1.021.012,00	▼ -7,3	8.401.012,00	7.812.101,00	▼ -7,0	2.201.012,00	2.041.012,00	▼ -7,3
Su Ürünleri ve Hayvansal Mamuller	CANLI HAYVAN-HAYVANSAL ÜRÜN. SÜT VE SÜ ÜRÜN. ET VE SAKATAT	63.212.101,21	71.012.101,21	▲ 12,3	16.201.012,00	18.201.012,00	▲ 12,3	126.412.101,00	142.012.101,00	▲ 12,3	32.401.012,00	36.401.012,00	▲ 12,3
Su Ürünleri ve Hayvansal Mamuller	CANLI HAYVAN-HAYVANSAL ÜRÜN. SÜT VE SÜ ÜRÜN. BAL	1.212.101,21	1.301.012,21	▲ 7,3	201.012,00	211.012,00	▲ 5,0	2.412.101,00	2.601.012,00	▲ 7,8	401.012,00	421.012,00	▲ 5,0
Su Ürünleri ve Hayvansal Mamuller	CANLI HAYVAN-HAYVANSAL ÜRÜN. SÜT VE SÜ ÜRÜN. YUMURTA	25.012.101,21	29.012.101,21	▲ 16,0	18.201.012,00	20.201.012,00	▲ 11,0	50.012.101,00	58.012.101,00	▲ 16,0	36.401.012,00	40.401.012,00	▲ 11,0
Su Ürünleri ve Hayvansal Mamuller	CANLI HAYVAN-HAYVANSAL ÜRÜN. SÜT VE SÜ ÜRÜN. SÜT ÜRÜNLERİ	45.012.101,21	48.201.012,01	▲ 7,1	12.201.012,00	12.801.012,00	▲ 4,9	90.012.101,00	96.201.012,00	▲ 6,9	24.401.012,00	25.601.012,00	▲ 4,9
Su Ürünleri ve Hayvansal Mamuller	CANLI HAYVAN-HAYVANSAL ÜRÜN. SÜT VE SÜ ÜRÜN. DİĞER	3.212.101,21	3.101.012,21	▼ -3,5	901.012,00	871.012,00	▼ -3,3	6.412.101,00	6.201.012,00	▼ -3,3	1.801.012,00	1.741.012,00	▼ -3,3
Su Ürünleri ve Hayvansal Mamuller	HUBUBAT BAKLİYAT VE YAĞLI TOHUMLAR HAYVAN YEMLERİ	18.012.101,21	17.201.012,21	▼ -4,5	31.201.012,00	29.812.101,00	▼ -4,5	36.012.101,00	34.412.101,00	▼ -4,4	62.401.012,00	59.612.101,00	▼ -4,5
Süs Bitkileri ve Mamulleri	SÜS BİTKİLERİ VE MAMULLERİ	3.012.101,21	2.912.101,21	▼ -3,3	1.201.012,00	1.161.012,00	▼ -3,3	6.012.101,00	5.812.101,00	▼ -3,3	2.401.012,00	2.321.012,00	▼ -3,3
Süs Bitkileri ve Mamulleri	SÜS BİTKİLERİ KESME ÇİÇEKLER	4.012.101,21	4.412.101,21	▲ 10,0	801.012,00	881.012,00	▲ 10,0	8.012.101,00	8.812.101,00	▲ 10,0	1.601.012,00	1.761.012,00	▲ 10,0
Süs Bitkileri ve Mamulleri	SÜS BİTKİLERİ SOĞANLAR	1.012.101,21	912.101,21	▼ -9,9	201.012,00	181.012,00	▼ -10,0	2.012.101,00	1.812.101,00	▼ -9,9	401.012,00	361.012,00	▼ -10,0
Süs Bitkileri ve Mamulleri	SÜS BİTKİLERİ CANLI BİTKİLER	1.212.101,21	1.312.101,21	▲ 8,3	301.012,00	321.012,00	▲ 6,6	2.412.101,00	2.612.101,00	▲ 8,3	601.012,00	641.012,00	▲ 6,6
Süs Bitkileri ve Mamulleri	SÜS BİTKİLERİ YEŞİLLİKLER	601.012,21	581.012,21	▼ -3,3	101.012,00	97.012,00	▼ -4,0	1.201.012,00	1.161.012,00	▼ -3,3	201.012,00	193.012,00	▼ -4,0
Tekstil ve Hammaddeleri	TEKSTİL VE HAMMADDELERİ	3.006.271,04	4.060.320,86	▲ 35,1	1.120.313,54	1.340.810,18	▲ 19,7	5.843.112,03	7.121.010,21	▲ 21,9	2.201.012,00	2.612.101,00	▲ 18,7
Tekstil ve Hammaddeleri	TEKSTİL ELYAF	114.012.101,21	109.201.012,21	▼ -4,2	30.201.012,00	28.912.101,00	▼ -4,3	228.012.101,00	218.401.012,00	▼ -4,2	60.401.012,00	57.812.101,00	▼ -4,3
Tekstil ve Hammaddeleri	TEKSTİL İPLİK	201.012.101,21	190.201.012,21	▼ -5,4	61.201.012,00	57.912.101,00	▼ -5,4	402.012.101,00	380.401.012,00	▼ -5,4	122.401.012,00	115.812.101,00	▼ -5,4
Tekstil ve Hammaddeleri	TEKSTİL DOKUMA KUMAŞLAR	251.012.101,21	239.201.012,21	▼ -4,7	31.201.012,00	29.812.101,00	▼ -4,5	502.012.101,00	478.401.012,00	▼ -4,7	62.401.012,00	59.612.101,00	▼ -4,5
Tekstil ve Hammaddeleri	TEKSTİL ÖRME KUMAŞLAR	161.012.101,21	152.201.012,21	▼ -5,5	20.201.012,00	19.112.101,00	▼ -5,4	322.012.101,00	304.401.012,00	▼ -5,5	40.401.012,00	38.212.101,00	▼ -5,4
Tekstil ve Hammaddeleri	TEKSTİL TEKNİK TEKSTİLLER	120.012.101,21	114.201.012,21	▼ -4,8	22.201.012,00	21.112.101,00	▼ -4,9	240.012.101,00	228.401.012,00	▼ -4,8	44.401.012,00	42.212.101,00	▼ -4,9
Tekstil ve Hammaddeleri	TEKSTİL DİĞER	41.012.101,21	39.201.012,21	▼ -4,4	8.201.012,00	7.812.101,00	▼ -4,7	82.012.101,00	78.401.012,00	▼ -4,4	16.401.012,00	15.612.101,00	▼ -4,8
Tütün	TÜTÜN	71.010.101,21	62.101.012,21	▼ -12,5	11.201.012,00	9.801.012,00	▼ -12,5	142.012.101,00	124.201.012,00	▼ -12,5	22.401.012,00	19.612.101,00	▼ -12,5
Tütün	TÜTÜN VE TÜTÜN MAMULLERİ YAPRAK TÜTÜN	101.012.101,21	98.201.012,21	▼ -2,8	12.201.012,00	11.912.101,00	▼ -2,4	202.012.101,00	196.401.012,00	▼ -2,8	24.401.012,00	23.812.101,00	▼ -2,4
Tütün	TÜTÜN VE TÜTÜN MAMULLERİ SİGARA	71.012.101,21	72.201.012,21	▲ 1,7	9.201.012,00	9.312.101,00	▲ 1,2	142.012.101,00	144.401.012,00	▲ 1,7	18.401.012,00	18.612.101,00	▲ 1,1
Yaş Meyve ve Sebze	YAŞ MEYVE VE SEBZE	7.012.101,21	6.612.101,21	▼ -5,7	8.201.012,00	7.712.101,00	▼ -6,0	14.012.101,00	13.201.012,00	▼ -5,8	16.401.012,00	15.412.101,00	▼ -6,0
Yaş Meyve ve Sebze	YAŞ MEYVE VE SEBZE TAZE MEYVELER	201.012.101,21	214.201.012,21	▲ 6,6	281.201.012,00	291.112.101,00	▲ 3,5	402.012.101,00	428.401.012,00	▲ 6,6	562.401.012,00	582.212.101,00	▲ 3,5
Yaş Meyve ve Sebze	YAŞ MEYVE VE SEBZE TAZE SEBZELER	131.012.101,21	136.201.012,21	▲ 4,0	161.201.012,00	162.112.101,00	▲ 0,6	262.012.101,00	272.401.012,00	▲ 4,0	322.401.012,00	324.212.101,00	▲ 0,6
Yaş Meyve ve Sebze	YAŞ MEYVE VE SEBZE NARENCİYE	151.012.101,21	143.201.012,21	▼ -5,2	261.201.012,00	243.112.101,00	▼ -6,9	302.012.101,00	286.401.012,00	▼ -5,2	522.401.012,00	486.212.101,00	▼ -6,9
Yaş Meyve ve Sebze	YAŞ MEYVE VE SEBZE DONDURULMUŞ	31.012.101,21	32.201.012,21	▲ 3,8	17.201.012,00	17.612.101,00	▲ 2,4	62.012.101,00	64.401.012,00	▲ 3,8	34.401.012,00	35.212.101,00	▲ 2,4
Zeytin ve Zeytinyağı	ZEYTİN VE ZEYTİNYAĞI	2.004.170,66	2.812.101,21	▲ 40,3	401.012,00	561.012,00	▲ 39,9	4.012.101,00	5.612.101,00	▲ 39,9	801.012,00	1.121.012,00	▲ 39,9
Zeytin ve Zeytinyağı	ZEYTİN VE ZEYTİNYAĞI SOFRALIK ZEYTİN	31.012.101,21	37.201.012,21	▲ 20,0	14.201.012,00	15.812.101,00	▲ 11,3	62.012.101,00	74.401.012,00	▲ 20,0	28.401.012,00	31.612.101,00	▲ 11,3
Zeytin ve Zeytinyağı	ZEYTİN VE ZEYTİNYAĞI ZEYTİNYAĞI	40.012.101,21	78.201.012,21	▲ 95,4	5.201.012,00	9.812.101,00	▲ 88,7	80.012.101,00	156.401.012,00	▲ 95,5	10.401.012,00	19.612.101,00	▲ 88,6
Zeytin ve Zeytinyağı	ZEYTİN VE ZEYTİNYAĞI PRİNA YAĞI	2.012.101,21	2.501.012,21	▲ 24,3	901.012,00	1.021.012,00	▲ 13,3	4.012.101,00	5.001.012,00	▲ 24,6	1.801.012,00	2.041.012,00	▲ 13,3
Zeytin ve Zeytinyağı	ZEYTİN VE ZEYTİNYAĞI DİĞER	612.101,21	701.012,21	▲ 14,5	121.012,00	137.012,00	▲ 13,2	1.212.101,00	1.401.012,00	▲ 15,6	241.012,00	273.012,00	▲ 13,3
Zeytin ve Zeytinyağı	ZEYTİN ZEYTİNYAĞI ZEYTİN EZMESİ	912.101,21	1.012.101,21	▲ 11,0	101.012,00	111.012,00	▲ 9,9	1.812.101,00	2.012.101,00	▲ 11,0	201.012,00	221.012,00	▲ 10,0
Zeytin ve Zeytinyağı	ZEYTİN VE ZEYTİNYAĞI SABUN	54.776.814,56	61.113.412,04	▲ 11,6	21.012.101,00	23.201.012,00	▲ 10,4	109.412.101,00	122.201.012,00	▲ 11,7	42.012.101,00	46.412.101,00	▲ 10,5
